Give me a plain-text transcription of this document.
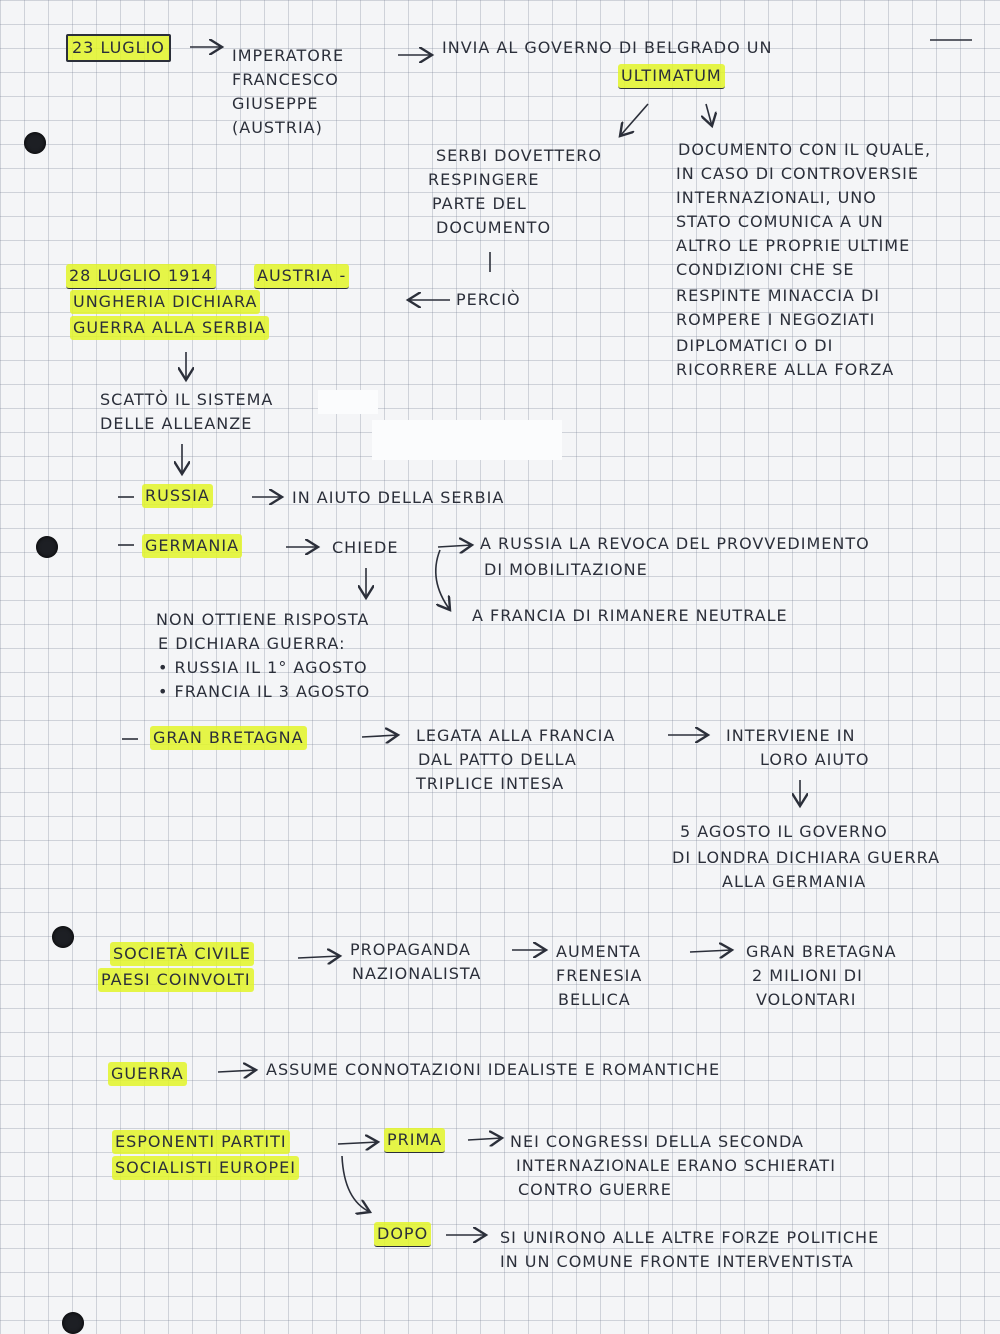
23 LUGLIO	IMPERATORE
FRANCESCO
GIUSEPPE
(AUSTRIA)
INVIA AL GOVERNO DI BELGRADO UN
ULTIMATUM
SERBI DOVETTERO
RESPINGERE
PARTE DEL
DOCUMENTO
DOCUMENTO CON IL QUALE,
IN CASO DI CONTROVERSIE
INTERNAZIONALI, UNO
STATO COMUNICA A UN
ALTRO LE PROPRIE ULTIME
CONDIZIONI CHE SE
RESPINTE MINACCIA DI
ROMPERE I NEGOZIATI
DIPLOMATICI O DI
RICORRERE ALLA FORZA
28 LUGLIO 1914	AUSTRIA -
UNGHERIA DICHIARA
GUERRA ALLA SERBIA
PERCIÒ
SCATTÒ IL SISTEMA
DELLE ALLEANZE
RUSSIA	IN AIUTO DELLA SERBIA
GERMANIA	CHIEDE	A RUSSIA LA REVOCA DEL PROVVEDIMENTO
DI MOBILITAZIONE
A FRANCIA DI RIMANERE NEUTRALE
NON OTTIENE RISPOSTA
E DICHIARA GUERRA:
• RUSSIA IL 1° AGOSTO
• FRANCIA IL 3 AGOSTO
GRAN BRETAGNA	LEGATA ALLA FRANCIA
DAL PATTO DELLA
TRIPLICE INTESA
INTERVIENE IN
LORO AIUTO
5 AGOSTO IL GOVERNO
DI LONDRA DICHIARA GUERRA
ALLA GERMANIA
SOCIETÀ CIVILE
PAESI COINVOLTI
PROPAGANDA
NAZIONALISTA
AUMENTA
FRENESIA
BELLICA
GRAN BRETAGNA
2 MILIONI DI
VOLONTARI
GUERRA	ASSUME CONNOTAZIONI IDEALISTE E ROMANTICHE
ESPONENTI PARTITI
SOCIALISTI EUROPEI
PRIMA	NEI CONGRESSI DELLA SECONDA
INTERNAZIONALE ERANO SCHIERATI
CONTRO GUERRE
DOPO	SI UNIRONO ALLE ALTRE FORZE POLITICHE
IN UN COMUNE FRONTE INTERVENTISTA
